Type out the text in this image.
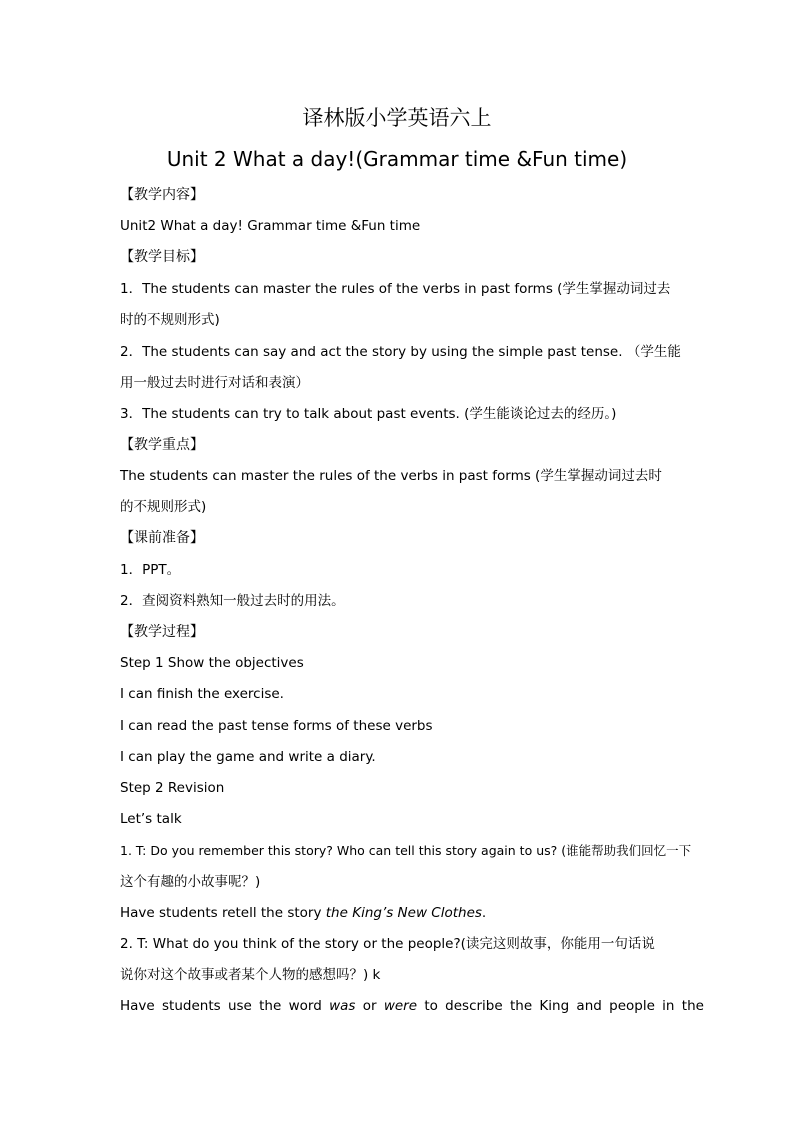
译林版小学英语六上
Unit 2 What a day!(Grammar time &Fun time)
【教学内容】
Unit2 What a day! Grammar time &Fun time
【教学目标】
1．The students can master the rules of the verbs in past forms (学生掌握动词过去
时的不规则形式)
2．The students can say and act the story by using the simple past tense. （学生能
用一般过去时进行对话和表演）
3．The students can try to talk about past events. (学生能谈论过去的经历。)
【教学重点】
The students can master the rules of the verbs in past forms (学生掌握动词过去时
的不规则形式)
【课前准备】
1．PPT。
2．查阅资料熟知一般过去时的用法。
【教学过程】
Step 1 Show the objectives
I can finish the exercise.
I can read the past tense forms of these verbs
I can play the game and write a diary.
Step 2 Revision
Let’s talk
1. T: Do you remember this story? Who can tell this story again to us? (谁能帮助我们回忆一下
这个有趣的小故事呢？)
Have students retell the story the King’s New Clothes.
2. T: What do you think of the story or the people?(读完这则故事，你能用一句话说
说你对这个故事或者某个人物的感想吗？) k
Have students use the word was or were to describe the King and people in the
